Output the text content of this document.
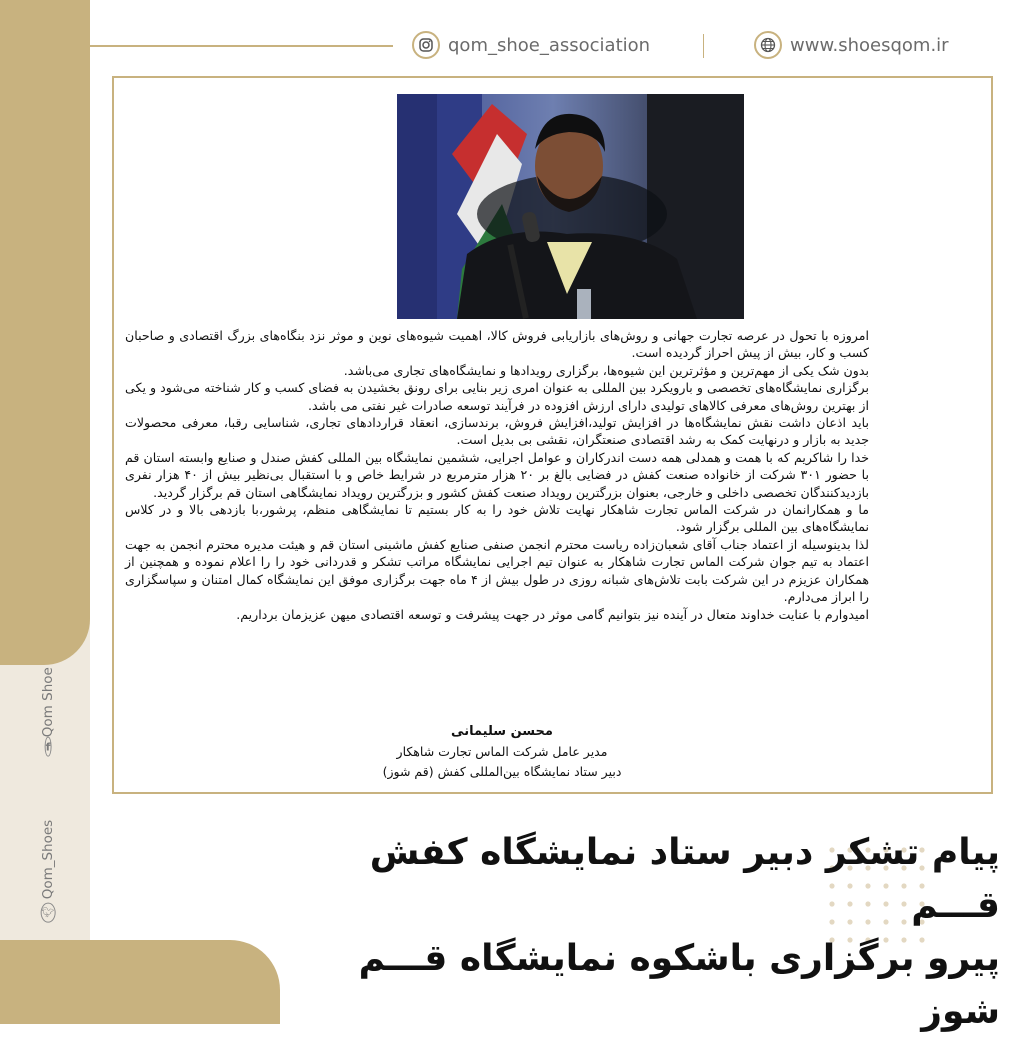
qom_shoe_association	www.shoesqom.ir
f
Qom Shoe
🐦︎
Qom_Shoes

امروزه با تحول در عرصه تجارت جهانی و روش‌های بازاریابی فروش کالا، اهمیت شیوه‌های نوین و موثر نزد بنگاه‌های بزرگ اقتصادی و صاحبان کسب و کار، بیش از پیش احراز گردیده است.

بدون شک یکی از مهم‌ترین و مؤثرترین این شیوه‌ها، برگزاری رویدادها و نمایشگاه‌های تجاری می‌باشد.

برگزاری نمایشگاه‌های تخصصی و بارویکرد بین المللی به عنوان امری زیر بنایی برای رونق بخشیدن به فضای کسب و کار شناخته می‌شود و یکی از بهترین روش‌های معرفی کالاهای تولیدی دارای ارزش افزوده در فرآیند توسعه صادرات غیر نفتی می باشد.

باید اذعان داشت نقش نمایشگاه‌ها در افزایش تولید،افزایش فروش، برندسازی، انعقاد قراردادهای تجاری، شناسایی رقبا، معرفی محصولات جدید به بازار و درنهایت کمک به رشد اقتصادی صنعتگران، نقشی بی بدیل است.

خدا را شاکریم که با همت و همدلی همه دست اندرکاران و عوامل اجرایی، ششمین نمایشگاه بین المللی کفش صندل و صنایع وابسته استان قم با حضور ۳۰۱ شرکت از خانواده صنعت کفش در فضایی بالغ بر ۲۰ هزار مترمربع در شرایط خاص و با استقبال بی‌نظیر بیش از ۴۰ هزار نفری بازدیدکنندگان تخصصی داخلی و خارجی، بعنوان بزرگترین رویداد صنعت کفش کشور و بزرگترین رویداد نمایشگاهی استان قم برگزار گردید.

ما و همکارانمان در شرکت الماس تجارت شاهکار نهایت تلاش خود را به کار بستیم تا نمایشگاهی منظم، پرشور،با بازدهی بالا و در کلاس نمایشگاه‌های بین المللی برگزار شود.

لذا بدینوسیله از اعتماد جناب آقای شعبان‌زاده ریاست محترم انجمن صنفی صنایع کفش ماشینی استان قم و هیئت مدیره محترم انجمن به جهت اعتماد به تیم جوان شرکت الماس تجارت شاهکار به عنوان تیم اجرایی نمایشگاه مراتب تشکر و قدردانی خود را را اعلام نموده و همچنین از همکاران عزیزم در این شرکت بابت تلاش‌های شبانه روزی در طول بیش از ۴ ماه جهت برگزاری موفق این نمایشگاه کمال امتنان و سپاسگزاری را ابراز می‌دارم.

امیدوارم با عنایت خداوند متعال در آینده نیز بتوانیم گامی موثر در جهت پیشرفت و توسعه اقتصادی میهن عزیزمان برداریم.

محسن سلیمانی
مدیر عامل شرکت الماس تجارت شاهکار
دبیر ستاد نمایشگاه بین‌المللی کفش (قم شوز)
پیام تشکر دبیر ستاد نمایشگاه کفش قـــم
پیرو برگزاری باشکوه نمایشگاه قـــم شوز
